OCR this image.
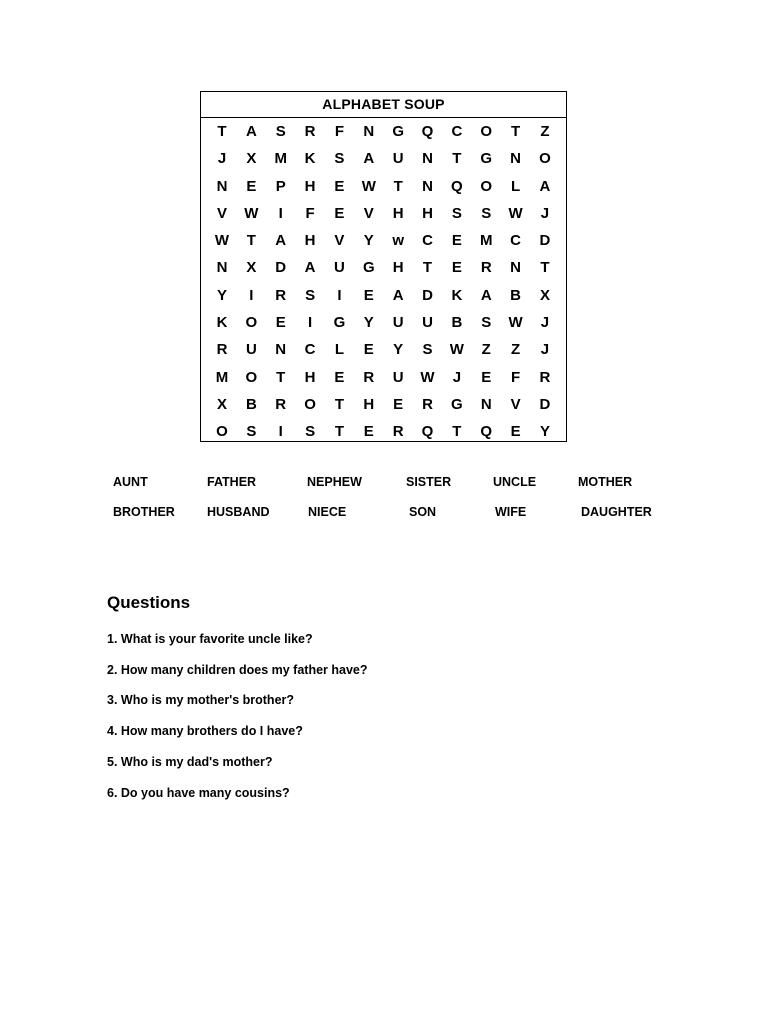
ALPHABET SOUP
T	A	S	R	F	N	G	Q	C	O	T	Z
J	X	M	K	S	A	U	N	T	G	N	O
N	E	P	H	E	W	T	N	Q	O	L	A
V	W	I	F	E	V	H	H	S	S	W	J
W	T	A	H	V	Y	w	C	E	M	C	D
N	X	D	A	U	G	H	T	E	R	N	T
Y	I	R	S	I	E	A	D	K	A	B	X
K	O	E	I	G	Y	U	U	B	S	W	J
R	U	N	C	L	E	Y	S	W	Z	Z	J
M	O	T	H	E	R	U	W	J	E	F	R
X	B	R	O	T	H	E	R	G	N	V	D
O	S	I	S	T	E	R	Q	T	Q	E	Y
AUNT	FATHER	NEPHEW	SISTER	UNCLE	MOTHER
BROTHER	HUSBAND	NIECE	SON	WIFE	DAUGHTER
Questions
1. What is your favorite uncle like?
2. How many children does my father have?
3. Who is my mother's brother?
4. How many brothers do I have?
5. Who is my dad's mother?
6. Do you have many cousins?
